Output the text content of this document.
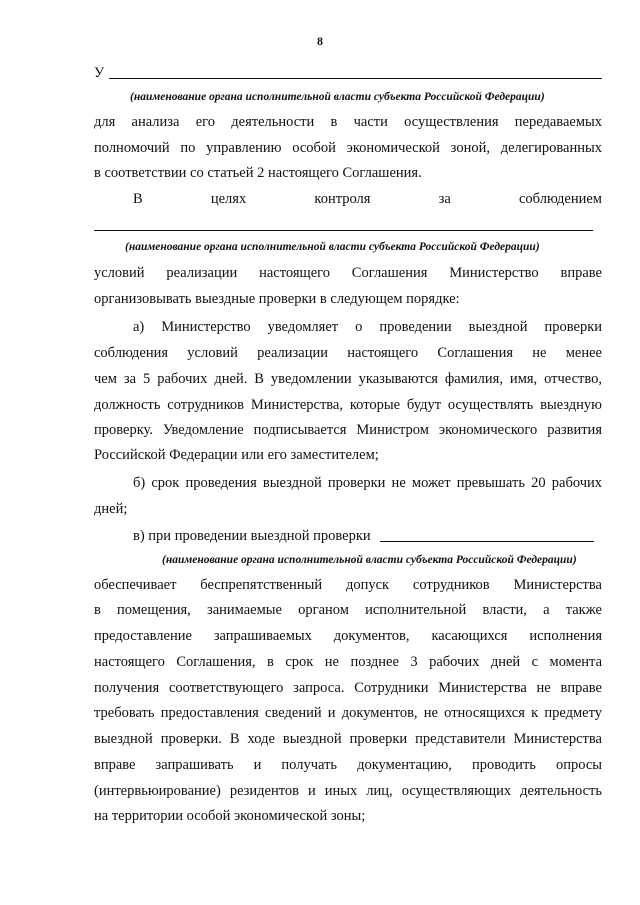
8
У
(наименование органа исполнительной власти субъекта Российской Федерации)
для анализа его деятельности в части осуществления передаваемых
полномочий по управлению особой экономической зоной, делегированных
в соответствии со статьей 2 настоящего Соглашения.
В	целях	контроля	за	соблюдением
(наименование органа исполнительной власти субъекта Российской Федерации)
условий реализации настоящего Соглашения Министерство вправе
организовывать выездные проверки в следующем порядке:
а) Министерство уведомляет о проведении выездной проверки
соблюдения условий реализации настоящего Соглашения не менее
чем за 5 рабочих дней. В уведомлении указываются фамилия, имя, отчество,
должность сотрудников Министерства, которые будут осуществлять выездную
проверку. Уведомление подписывается Министром экономического развития
Российской Федерации или его заместителем;
б) срок проведения выездной проверки не может превышать 20 рабочих
дней;
в) при проведении выездной проверки
(наименование органа исполнительной власти субъекта Российской Федерации)
обеспечивает беспрепятственный допуск сотрудников Министерства
в помещения, занимаемые органом исполнительной власти, а также
предоставление запрашиваемых документов, касающихся исполнения
настоящего Соглашения, в срок не позднее 3 рабочих дней с момента
получения соответствующего запроса. Сотрудники Министерства не вправе
требовать предоставления сведений и документов, не относящихся к предмету
выездной проверки. В ходе выездной проверки представители Министерства
вправе запрашивать и получать документацию, проводить опросы
(интервьюирование) резидентов и иных лиц, осуществляющих деятельность
на территории особой экономической зоны;
